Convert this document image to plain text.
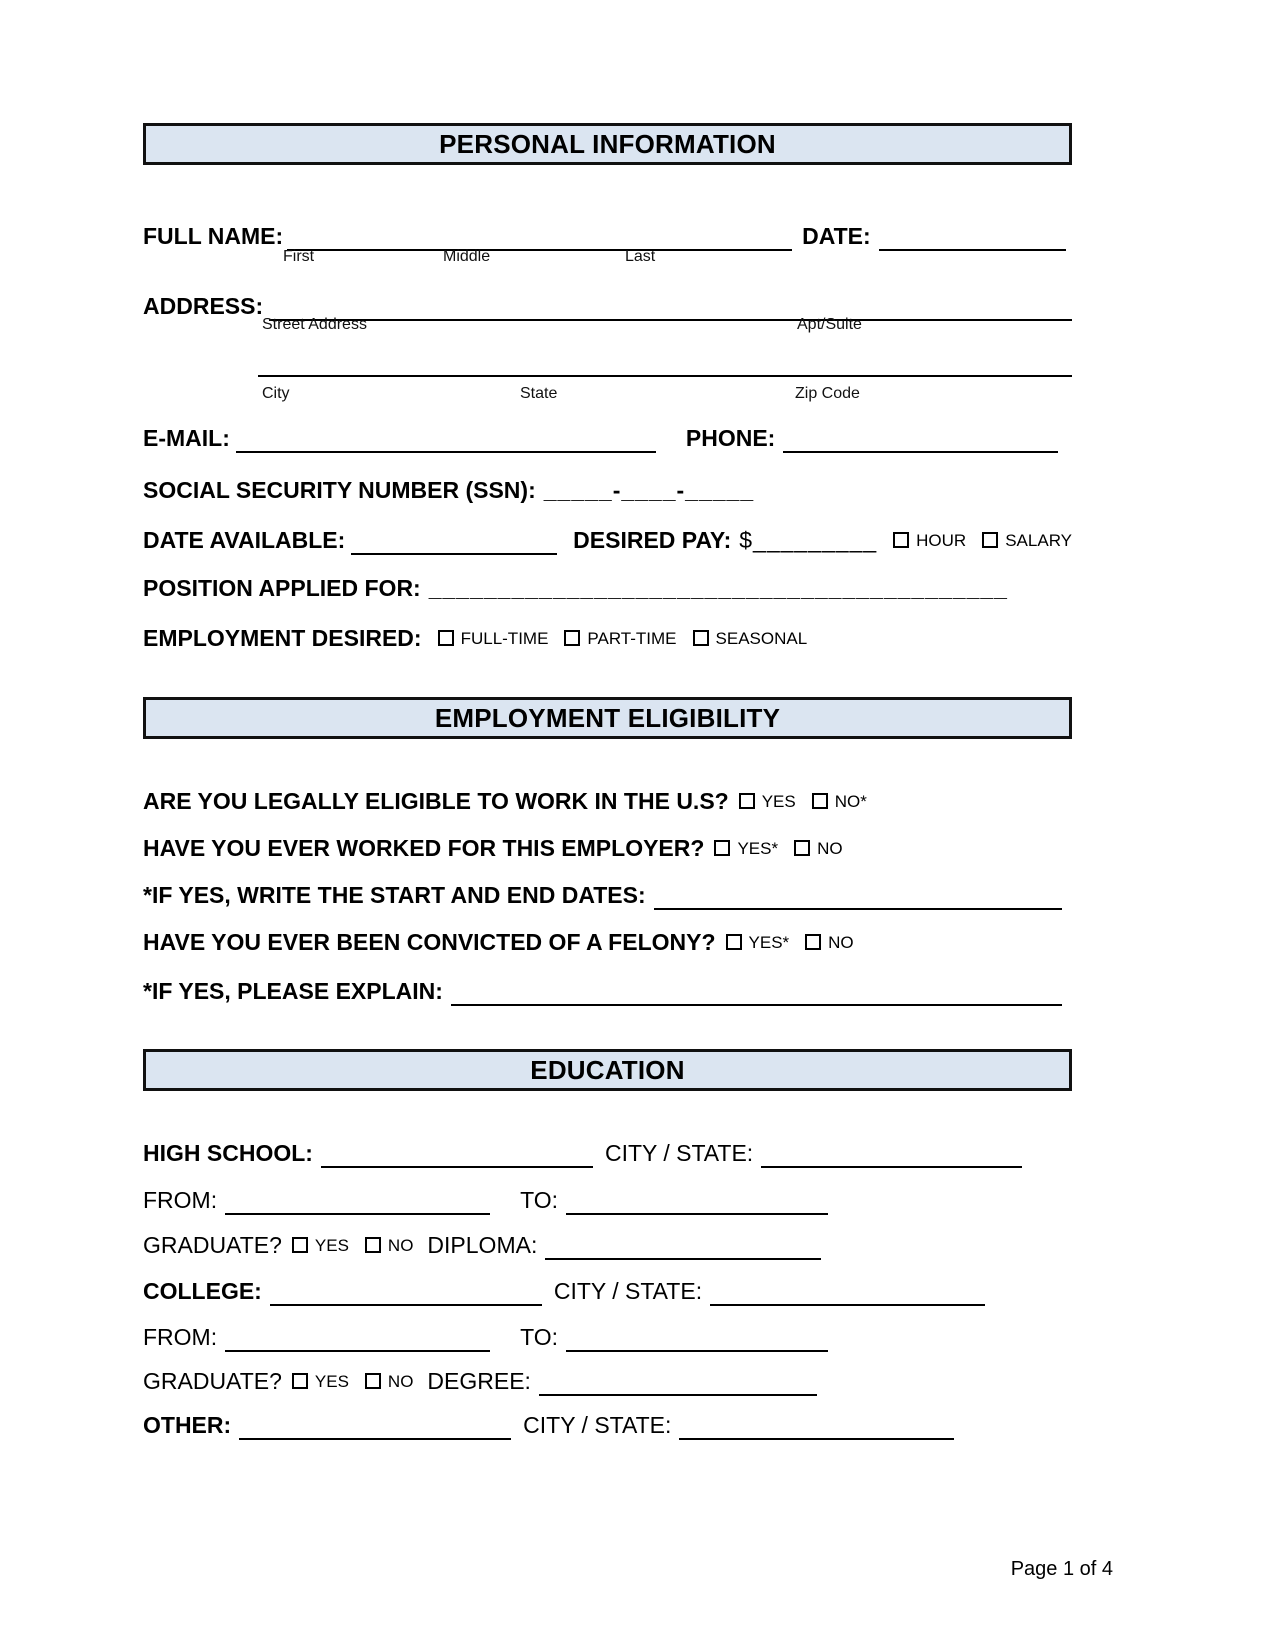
PERSONAL INFORMATION
FULL NAME:	DATE:
First	Middle	Last
ADDRESS:
Street Address	Apt/Suite
City	State	Zip Code
E-MAIL:	PHONE:
SOCIAL SECURITY NUMBER (SSN): _____-____-_____
DATE AVAILABLE:	DESIRED PAY: $_________ HOUR SALARY
POSITION APPLIED FOR: __________________________________________
EMPLOYMENT DESIRED: FULL-TIME PART-TIME SEASONAL
EMPLOYMENT ELIGIBILITY
ARE YOU LEGALLY ELIGIBLE TO WORK IN THE U.S? YES NO*
HAVE YOU EVER WORKED FOR THIS EMPLOYER? YES* NO
*IF YES, WRITE THE START AND END DATES:
HAVE YOU EVER BEEN CONVICTED OF A FELONY? YES* NO
*IF YES, PLEASE EXPLAIN:
EDUCATION
HIGH SCHOOL:	CITY / STATE:
FROM:	TO:
GRADUATE? YES NO DIPLOMA:
COLLEGE:	CITY / STATE:
FROM:	TO:
GRADUATE? YES NO DEGREE:
OTHER:	CITY / STATE:
Page 1 of 4
